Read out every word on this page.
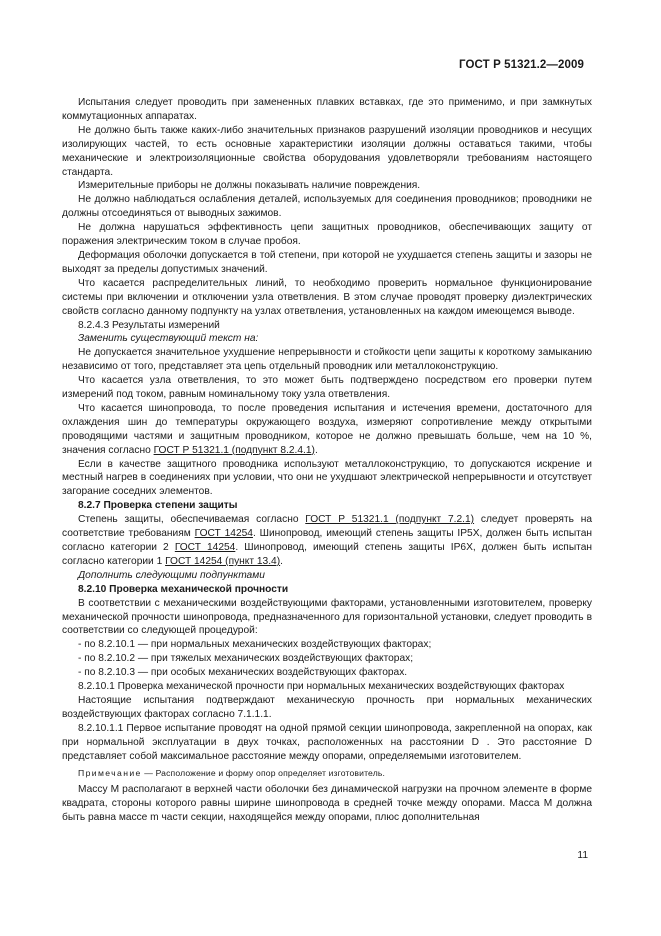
ГОСТ Р 51321.2—2009

Испытания следует проводить при замененных плавких вставках, где это применимо, и при замкнутых коммутационных аппаратах.

Не должно быть также каких-либо значительных признаков разрушений изоляции проводников и несущих изолирующих частей, то есть основные характеристики изоляции должны оставаться такими, чтобы механические и электроизоляционные свойства оборудования удовлетворяли требованиям настоящего стандарта.

Измерительные приборы не должны показывать наличие повреждения.

Не должно наблюдаться ослабления деталей, используемых для соединения проводников; проводники не должны отсоединяться от выводных зажимов.

Не должна нарушаться эффективность цепи защитных проводников, обеспечивающих защиту от поражения электрическим током в случае пробоя.

Деформация оболочки допускается в той степени, при которой не ухудшается степень защиты и зазоры не выходят за пределы допустимых значений.

Что касается распределительных линий, то необходимо проверить нормальное функционирование системы при включении и отключении узла ответвления. В этом случае проводят проверку диэлектрических свойств согласно данному подпункту на узлах ответвления, установленных на каждом имеющемся выводе.

8.2.4.3 Результаты измерений

Заменить существующий текст на:

Не допускается значительное ухудшение непрерывности и стойкости цепи защиты к короткому замыканию независимо от того, представляет эта цепь отдельный проводник или металлоконструкцию.

Что касается узла ответвления, то это может быть подтверждено посредством его проверки путем измерений под током, равным номинальному току узла ответвления.

Что касается шинопровода, то после проведения испытания и истечения времени, достаточного для охлаждения шин до температуры окружающего воздуха, измеряют сопротивление между открытыми проводящими частями и защитным проводником, которое не должно превышать больше, чем на 10 %, значения согласно ГОСТ Р 51321.1 (подпункт 8.2.4.1).

Если в качестве защитного проводника используют металлоконструкцию, то допускаются искрение и местный нагрев в соединениях при условии, что они не ухудшают электрической непрерывности и отсутствует загорание соседних элементов.

8.2.7 Проверка степени защиты

Степень защиты, обеспечиваемая согласно ГОСТ Р 51321.1 (подпункт 7.2.1) следует проверять на соответствие требованиям ГОСТ 14254. Шинопровод, имеющий степень защиты IP5X, должен быть испытан согласно категории 2 ГОСТ 14254. Шинопровод, имеющий степень защиты IP6X, должен быть испытан согласно категории 1 ГОСТ 14254 (пункт 13.4).

Дополнить следующими подпунктами

8.2.10 Проверка механической прочности

В соответствии с механическими воздействующими факторами, установленными изготовителем, проверку механической прочности шинопровода, предназначенного для горизонтальной установки, следует проводить в соответствии со следующей процедурой:

- по 8.2.10.1 — при нормальных механических воздействующих факторах;

- по 8.2.10.2 — при тяжелых механических воздействующих факторах;

- по 8.2.10.3 — при особых механических воздействующих факторах.

8.2.10.1 Проверка механической прочности при нормальных механических воздействующих факторах

Настоящие испытания подтверждают механическую прочность при нормальных механических воздействующих факторах согласно 7.1.1.1.

8.2.10.1.1 Первое испытание проводят на одной прямой секции шинопровода, закрепленной на опорах, как при нормальной эксплуатации в двух точках, расположенных на расстоянии D . Это расстояние D представляет собой максимальное расстояние между опорами, определяемыми изготовителем.

Примечание — Расположение и форму опор определяет изготовитель.

Массу M располагают в верхней части оболочки без динамической нагрузки на прочном элементе в форме квадрата, стороны которого равны ширине шинопровода в средней точке между опорами. Масса M должна быть равна массе m части секции, находящейся между опорами, плюс дополнительная

11
